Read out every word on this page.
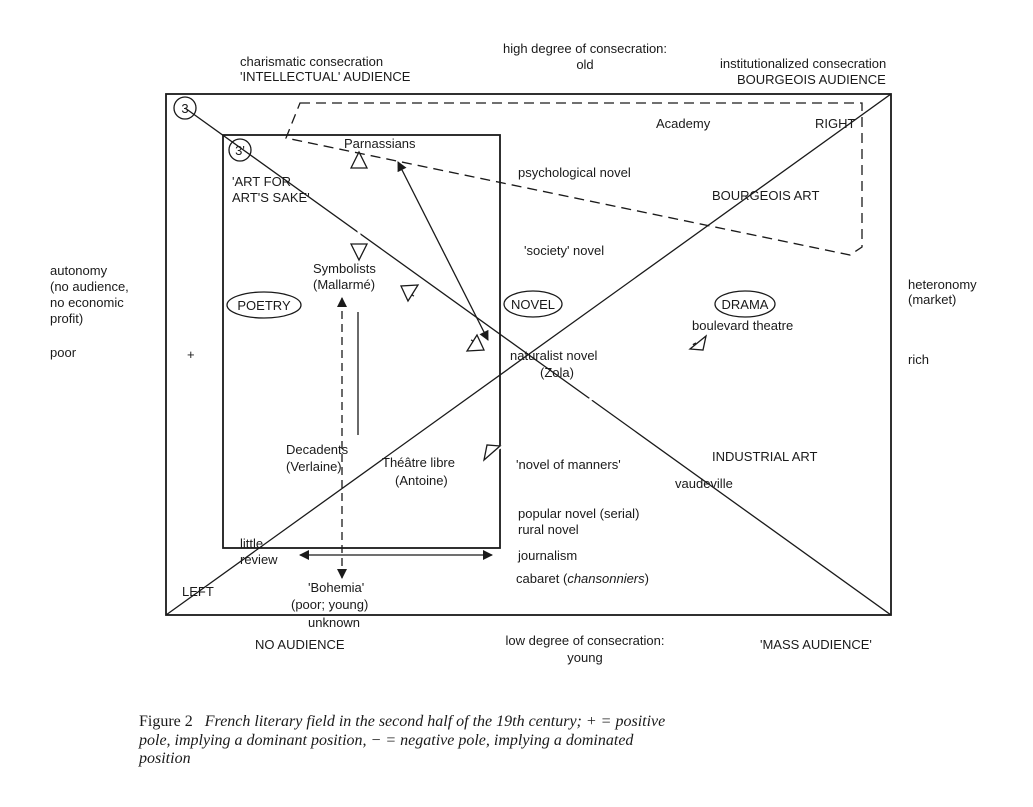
3
3'
charismatic consecration
'INTELLECTUAL' AUDIENCE
high degree of consecration:
old	institutionalized consecration
BOURGEOIS AUDIENCE
NO AUDIENCE	low degree of consecration:
young
'MASS AUDIENCE'
autonomy
(no audience,
no economic
profit)
poor	+
heteronomy
(market)
rich
Academy	RIGHT
Parnassians
'ART FOR
ART'S SAKE'
psychological novel
BOURGEOIS ART
'society' novel
Symbolists
(Mallarmé)
POETRY	NOVEL	DRAMA
boulevard theatre
naturalist novel
(Zola)
Decadents
(Verlaine)	Théâtre libre
(Antoine)
'novel of manners'
INDUSTRIAL ART
vaudeville
popular novel (serial)
rural novel
journalism
cabaret (chansonniers)
little
review
LEFT	'Bohemia'
(poor; young)
unknown
Figure 2 French literary field in the second half of the 19th century; + = positive
pole, implying a dominant position, − = negative pole, implying a dominated
position
